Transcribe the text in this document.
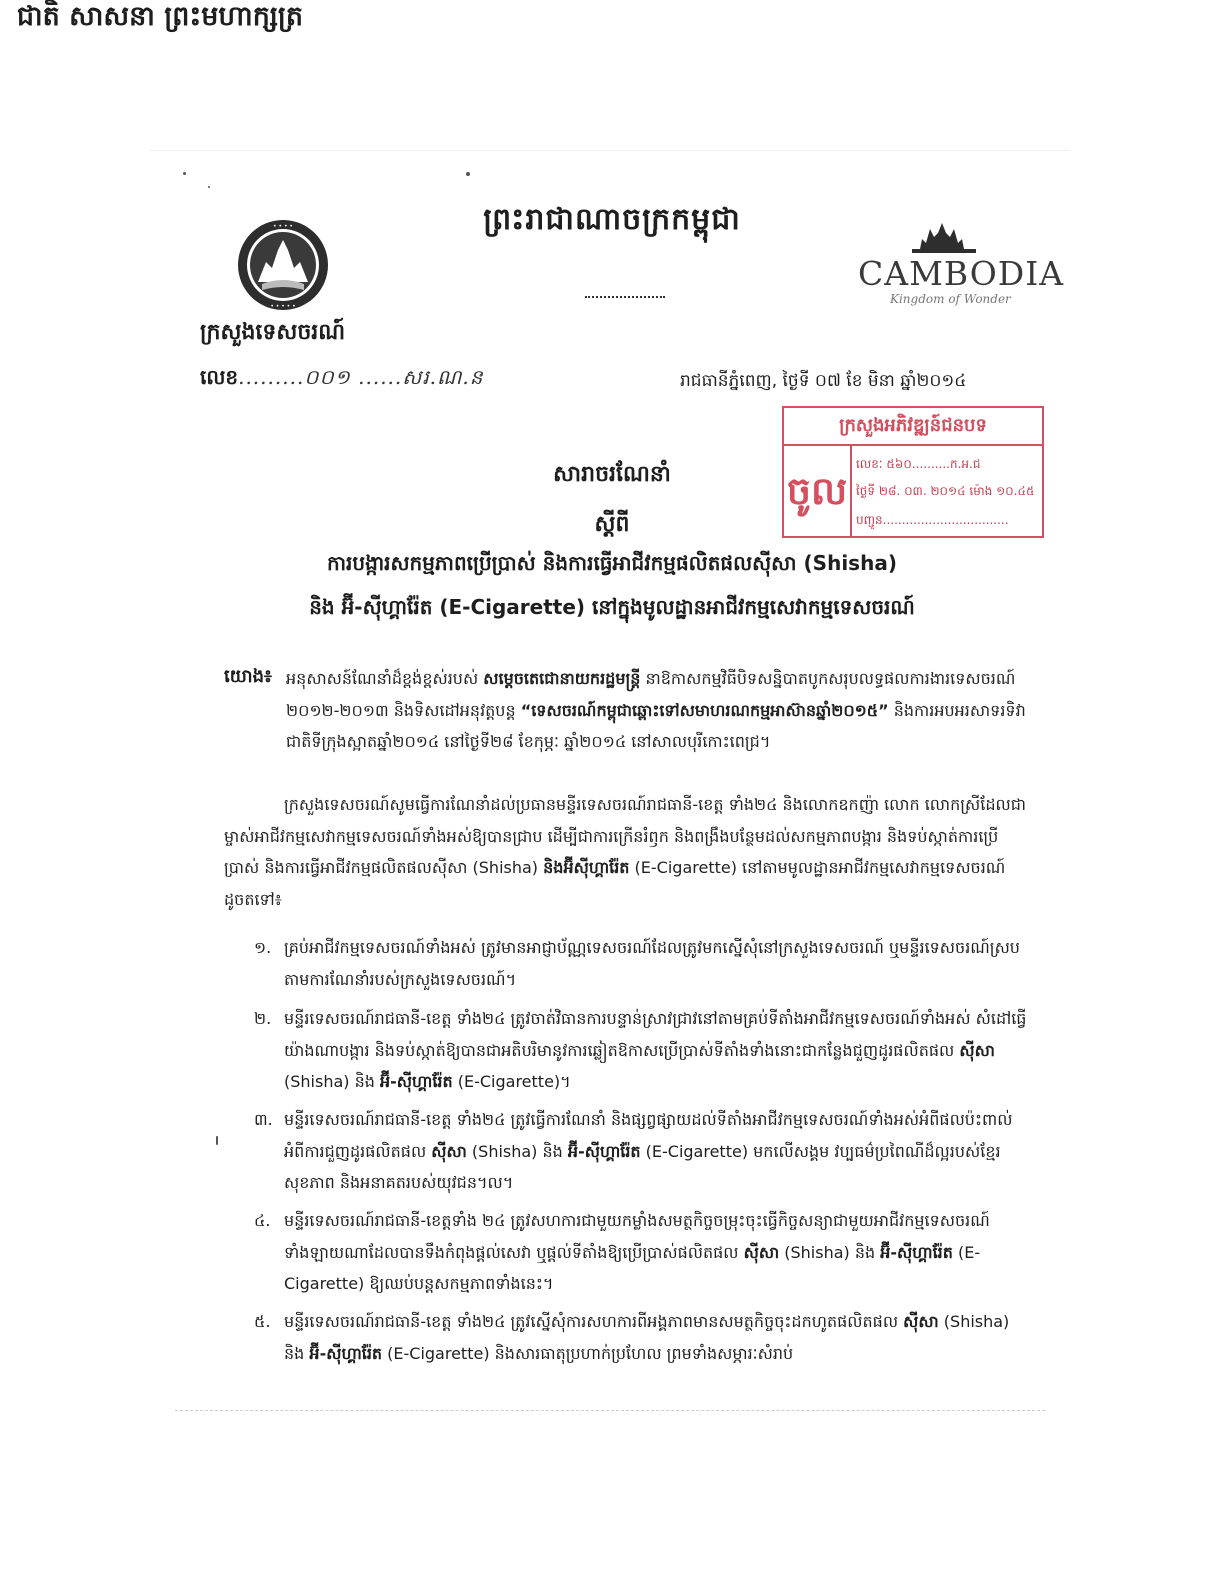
ព្រះរាជាណាចក្រកម្ពុជា
ជាតិ សាសនា ព្រះមហាក្សត្រ
• • • •
• • • • •
ក្រសួងទេសចរណ៍
លេខ.........០០១ ......សរ.ណ.ន
CAMBODIA
Kingdom of Wonder
រាជធានីភ្នំពេញ, ថ្ងៃទី ០៧ ខែ មិនា ឆ្នាំ២០១៤
ក្រសួងអភិវឌ្ឍន៍ជនបទ
ចូល
លេខៈ ៥៦០..........ក.អ.ជ
ថ្ងៃទី ២៨. ០៣. ២០១៤ ម៉ោង ១០.៤៥
បញ្ជូន.................................
សារាចរណែនាំ
ស្តីពី
ការបង្ការសកម្មភាពប្រើប្រាស់ និងការធ្វើអាជីវកម្មផលិតផលស៊ីសា (Shisha)
និង អ៊ី-ស៊ីហ្គារ៉ែត (E-Cigarette) នៅក្នុងមូលដ្ឋានអាជីវកម្មសេវាកម្មទេសចរណ៍
យោង៖ អនុសាសន៍ណែនាំដ៏ខ្ពង់ខ្ពស់របស់ សម្តេចតេជោនាយករដ្ឋមន្ត្រី នាឱកាសកម្មវិធីបិទសន្និបាតបូកសរុបលទ្ធផលការងារទេសចរណ៍ ២០១២-២០១៣ និងទិសដៅអនុវត្តបន្ត “ទេសចរណ៍កម្ពុជាឆ្ពោះទៅសមាហរណកម្មអាស៊ានឆ្នាំ២០១៥” និងការអបអរសាទរទិវាជាតិទីក្រុងស្អាតឆ្នាំ២០១៤ នៅថ្ងៃទី២៨ ខែកុម្ភៈ ឆ្នាំ២០១៤ នៅសាលបុរីកោះពេជ្រ។
ក្រសួងទេសចរណ៍សូមធ្វើការណែនាំដល់ប្រធានមន្ទីរទេសចរណ៍រាជធានី-ខេត្ត ទាំង២៤ និងលោកឧកញ៉ា លោក លោកស្រីដែលជាម្ចាស់អាជីវកម្មសេវាកម្មទេសចរណ៍ទាំងអស់ឱ្យបានជ្រាប ដើម្បីជាការក្រើនរំឭក និងពង្រឹងបន្ថែមដល់សកម្មភាពបង្ការ និងទប់ស្កាត់ការប្រើប្រាស់ និងការធ្វើអាជីវកម្មផលិតផលស៊ីសា (Shisha) និងអ៊ីស៊ីហ្គារ៉ែត (E-Cigarette) នៅតាមមូលដ្ឋានអាជីវកម្មសេវាកម្មទេសចរណ៍ ដូចតទៅ៖
១. គ្រប់អាជីវកម្មទេសចរណ៍ទាំងអស់ ត្រូវមានអាជ្ញាប័ណ្ណទេសចរណ៍ដែលត្រូវមកស្នើសុំនៅក្រសួងទេសចរណ៍ ឬមន្ទីរទេសចរណ៍ស្របតាមការណែនាំរបស់ក្រសួងទេសចរណ៍។
២. មន្ទីរទេសចរណ៍រាជធានី-ខេត្ត ទាំង២៤ ត្រូវចាត់វិធានការបន្ទាន់ស្រាវជ្រាវនៅតាមគ្រប់ទីតាំងអាជីវកម្មទេសចរណ៍ទាំងអស់ សំដៅធ្វើយ៉ាងណាបង្ការ និងទប់ស្កាត់ឱ្យបានជាអតិបរិមានូវការឆ្លៀតឱកាសប្រើប្រាស់ទីតាំងទាំងនោះជាកន្លែងជួញដូរផលិតផល ស៊ីសា (Shisha) និង អ៊ី-ស៊ីហ្គារ៉ែត (E-Cigarette)។
៣. មន្ទីរទេសចរណ៍រាជធានី-ខេត្ត ទាំង២៤ ត្រូវធ្វើការណែនាំ និងផ្សព្វផ្សាយដល់ទីតាំងអាជីវកម្មទេសចរណ៍ទាំងអស់អំពីផលប៉ះពាល់អំពីការជួញដូរផលិតផល ស៊ីសា (Shisha) និង អ៊ី-ស៊ីហ្គារ៉ែត (E-Cigarette) មកលើសង្គម វប្បធម៌ប្រពៃណីដ៏ល្អរបស់ខ្មែរ សុខភាព និងអនាគតរបស់យុវជន។ល។
៤. មន្ទីរទេសចរណ៍រាជធានី-ខេត្តទាំង ២៤ ត្រូវសហការជាមួយកម្លាំងសមត្ថកិច្ចចម្រុះចុះធ្វើកិច្ចសន្យាជាមួយអាជីវកម្មទេសចរណ៍ទាំងឡាយណាដែលបានទឹងកំពុងផ្តល់សេវា ឬផ្តល់ទីតាំងឱ្យប្រើប្រាស់ផលិតផល ស៊ីសា (Shisha) និង អ៊ី-ស៊ីហ្គារ៉ែត (E-Cigarette) ឱ្យឈប់បន្តសកម្មភាពទាំងនេះ។
៥. មន្ទីរទេសចរណ៍រាជធានី-ខេត្ត ទាំង២៤ ត្រូវស្នើសុំការសហការពីអង្គភាពមានសមត្ថកិច្ចចុះដកហូតផលិតផល ស៊ីសា (Shisha) និង អ៊ី-ស៊ីហ្គារ៉ែត (E-Cigarette) និងសារធាតុប្រហាក់ប្រហែល ព្រមទាំងសម្ភារៈសំរាប់
